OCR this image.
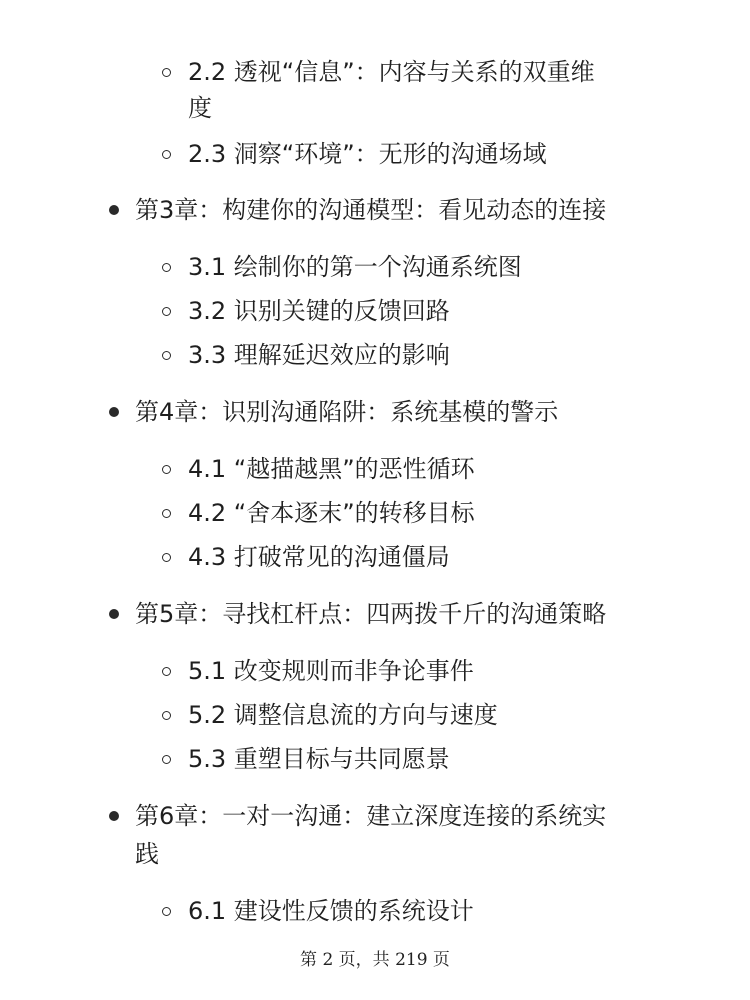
2.2 透视“信息”：内容与关系的双重维
度
2.3 洞察“环境”：无形的沟通场域
第3章：构建你的沟通模型：看见动态的连接
3.1 绘制你的第一个沟通系统图
3.2 识别关键的反馈回路
3.3 理解延迟效应的影响
第4章：识别沟通陷阱：系统基模的警示
4.1 “越描越黑”的恶性循环
4.2 “舍本逐末”的转移目标
4.3 打破常见的沟通僵局
第5章：寻找杠杆点：四两拨千斤的沟通策略
5.1 改变规则而非争论事件
5.2 调整信息流的方向与速度
5.3 重塑目标与共同愿景
第6章：一对一沟通：建立深度连接的系统实
践
6.1 建设性反馈的系统设计
第 2 页，共 219 页
